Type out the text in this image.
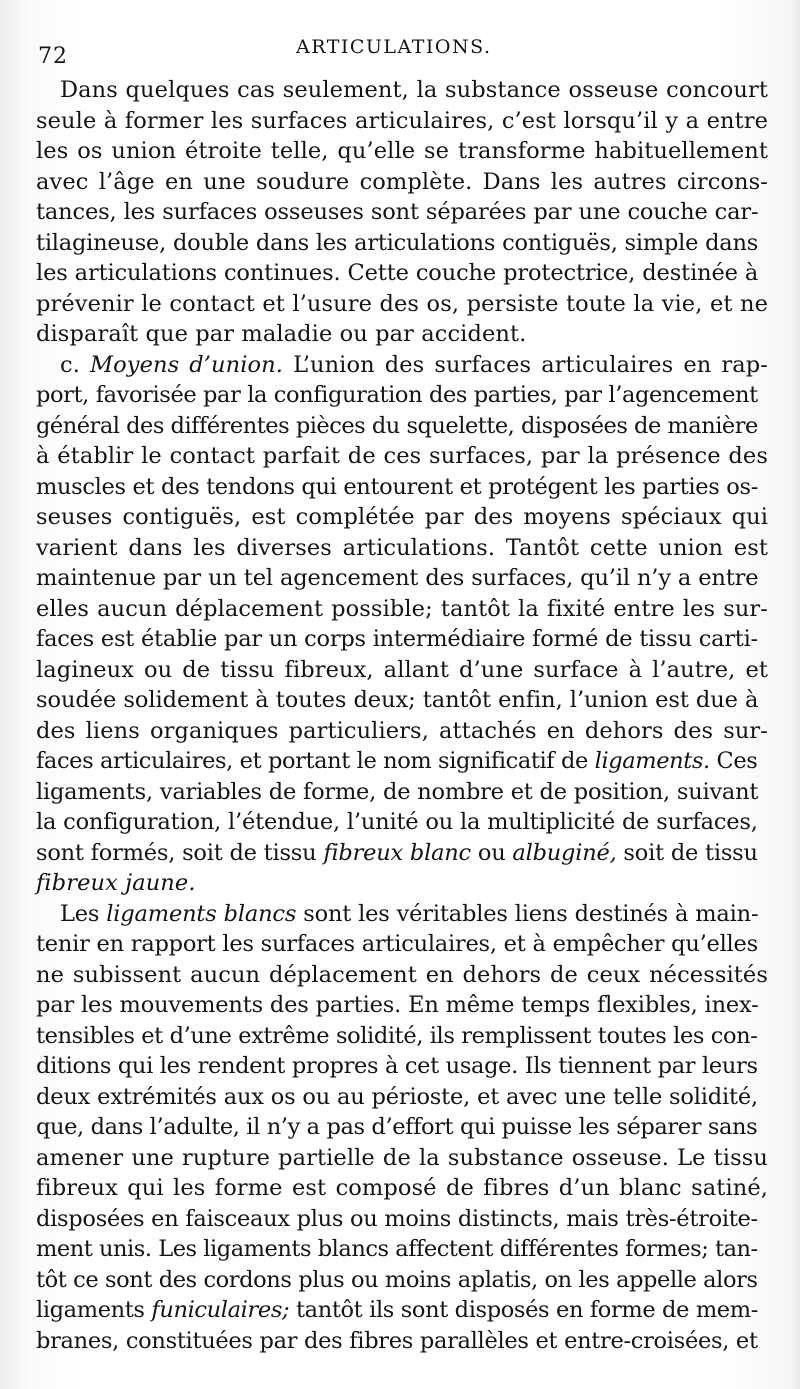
72	ARTICULATIONS.
Dans quelques cas seulement, la substance osseuse concourt
seule à former les surfaces articulaires, c’est lorsqu’il y a entre
les os union étroite telle, qu’elle se transforme habituellement
avec l’âge en une soudure complète. Dans les autres circons-
tances, les surfaces osseuses sont séparées par une couche car-
tilagineuse, double dans les articulations contiguës, simple dans
les articulations continues. Cette couche protectrice, destinée à
prévenir le contact et l’usure des os, persiste toute la vie, et ne
disparaît que par maladie ou par accident.
c. Moyens d’union. L’union des surfaces articulaires en rap-
port, favorisée par la configuration des parties, par l’agencement
général des différentes pièces du squelette, disposées de manière
à établir le contact parfait de ces surfaces, par la présence des
muscles et des tendons qui entourent et protégent les parties os-
seuses contiguës, est complétée par des moyens spéciaux qui
varient dans les diverses articulations. Tantôt cette union est
maintenue par un tel agencement des surfaces, qu’il n’y a entre
elles aucun déplacement possible; tantôt la fixité entre les sur-
faces est établie par un corps intermédiaire formé de tissu carti-
lagineux ou de tissu fibreux, allant d’une surface à l’autre, et
soudée solidement à toutes deux; tantôt enfin, l’union est due à
des liens organiques particuliers, attachés en dehors des sur-
faces articulaires, et portant le nom significatif de ligaments. Ces
ligaments, variables de forme, de nombre et de position, suivant
la configuration, l’étendue, l’unité ou la multiplicité de surfaces,
sont formés, soit de tissu fibreux blanc ou albuginé, soit de tissu
fibreux jaune.
Les ligaments blancs sont les véritables liens destinés à main-
tenir en rapport les surfaces articulaires, et à empêcher qu’elles
ne subissent aucun déplacement en dehors de ceux nécessités
par les mouvements des parties. En même temps flexibles, inex-
tensibles et d’une extrême solidité, ils remplissent toutes les con-
ditions qui les rendent propres à cet usage. Ils tiennent par leurs
deux extrémités aux os ou au périoste, et avec une telle solidité,
que, dans l’adulte, il n’y a pas d’effort qui puisse les séparer sans
amener une rupture partielle de la substance osseuse. Le tissu
fibreux qui les forme est composé de fibres d’un blanc satiné,
disposées en faisceaux plus ou moins distincts, mais très-étroite-
ment unis. Les ligaments blancs affectent différentes formes; tan-
tôt ce sont des cordons plus ou moins aplatis, on les appelle alors
ligaments funiculaires; tantôt ils sont disposés en forme de mem-
branes, constituées par des fibres parallèles et entre-croisées, et
